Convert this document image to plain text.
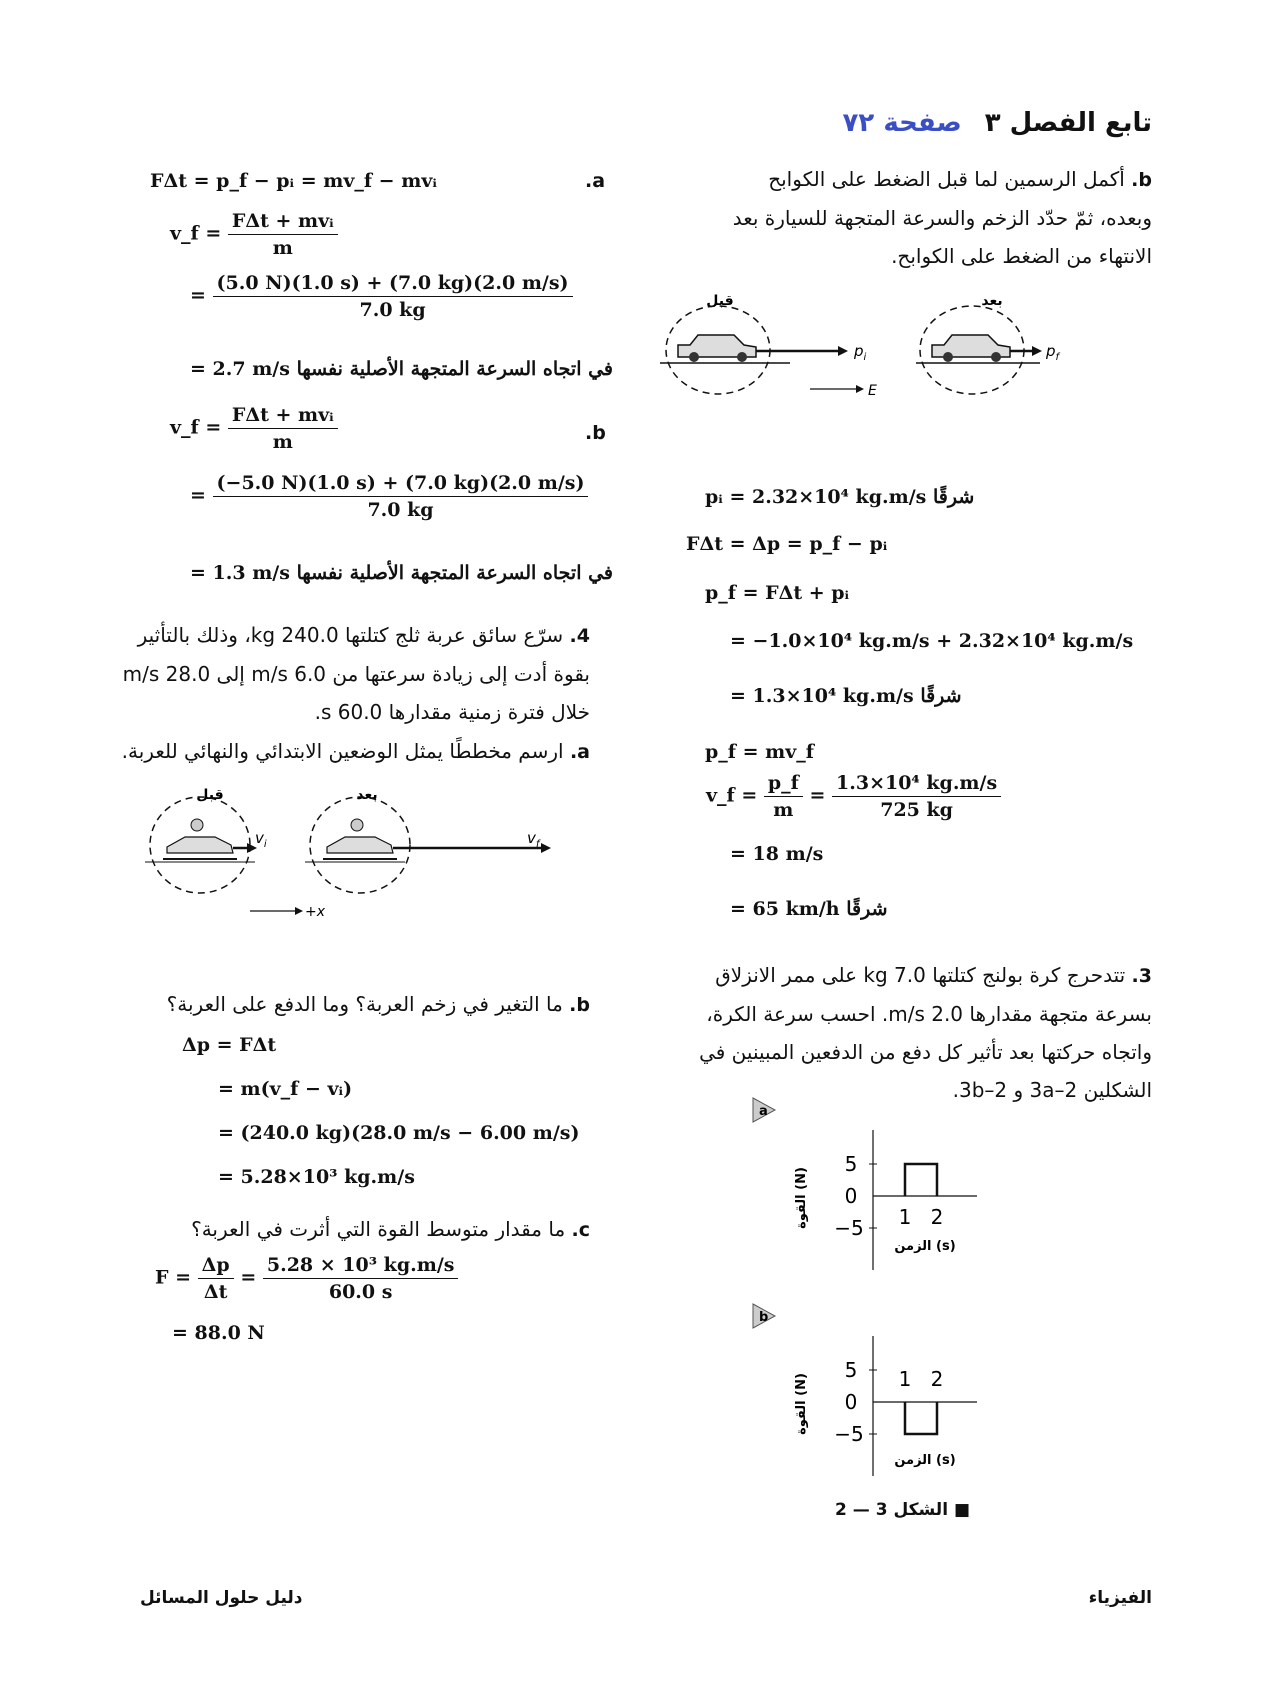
تابع الفصل ٣ صفحة ٧٢
b. أكمل الرسمين لما قبل الضغط على الكوابح وبعده، ثمّ حدّد الزخم والسرعة المتجهة للسيارة بعد الانتهاء من الضغط على الكوابح.
قبل	بعد
$p_i$	$p_f$
E
pᵢ = 2.32×10⁴ kg.m/s شرقًا
FΔt = Δp = p_f − pᵢ
p_f = FΔt + pᵢ
= −1.0×10⁴ kg.m/s + 2.32×10⁴ kg.m/s
= 1.3×10⁴ kg.m/s شرقًا
p_f = mv_f
v_f = $\frac{p\_f}{m} = \frac{\text{1.3×10⁴ kg.m/s}}{725 kg}$
= 18 m/s
= 65 km/h شرقًا
3. تتدحرج كرة بولنج كتلتها 7.0 kg على ممر الانزلاق بسرعة متجهة مقدارها 2.0 m/s. احسب سرعة الكرة، واتجاه حركتها بعد تأثير كل دفع من الدفعين المبينين في الشكلين 3a–2 و 3b–2.
a
5
0
−5 1 2
الزمن (s)
القوة (N)
b
5
0
−5
1 2
الزمن (s)
القوة (N)
■ الشكل 3 — 2
.a
FΔt = p_f − pᵢ = mv_f − mvᵢ
v_f = $\frac{\text{FΔt + mvᵢ}}{m}$
= $\frac{(5.0 N)(1.0 s) + (7.0 kg)(2.0 m/s)}{7.0 kg}$
= 2.7 m/s في اتجاه السرعة المتجهة الأصلية نفسها
.b
v_f = $\frac{\text{FΔt + mvᵢ}}{m}$
= $\frac{(-5.0 N)(1.0 s) + (7.0 kg)(2.0 m/s)}{7.0 kg}$
= 1.3 m/s في اتجاه السرعة المتجهة الأصلية نفسها
4. سرّع سائق عربة ثلج كتلتها 240.0 kg، وذلك بالتأثير بقوة أدت إلى زيادة سرعتها من 6.0 m/s إلى 28.0 m/s خلال فترة زمنية مقدارها 60.0 s.
a. ارسم مخططًا يمثل الوضعين الابتدائي والنهائي للعربة.
قبل	بعد
$v_i$	$v_f$
+x
b. ما التغير في زخم العربة؟ وما الدفع على العربة؟
Δp = FΔt
= m(v_f − vᵢ)
= (240.0 kg)(28.0 m/s − 6.00 m/s)
= 5.28×10³ kg.m/s
c. ما مقدار متوسط القوة التي أثرت في العربة؟
$F = \frac{\Delta p}{\Delta t} = \frac{\text{5.28 × 10³ kg.m/s}}{60.0 s}$
= 88.0 N
الفيزياء
دليل حلول المسائل
